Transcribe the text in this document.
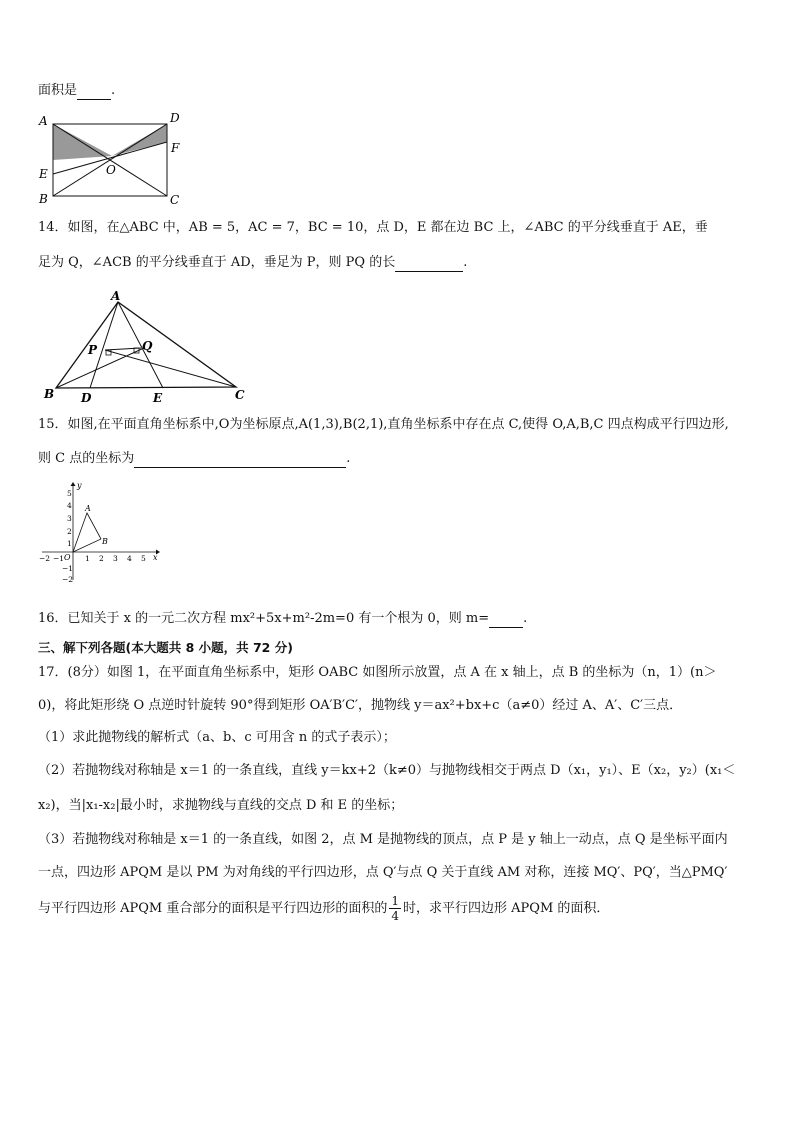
面积是	.
A	D
F
E	O
B	C
14．如图，在△ABC 中，AB = 5，AC = 7，BC = 10，点 D，E 都在边 BC 上，∠ABC 的平分线垂直于 AE，垂
足为 Q，∠ACB 的平分线垂直于 AD，垂足为 P，则 PQ 的长	.
A
P	Q
B D	E	C
15．如图,在平面直角坐标系中,O为坐标原点,A(1,3),B(2,1),直角坐标系中存在点 C,使得 O,A,B,C 四点构成平行四边形,
则 C 点的坐标为	.
y
x
O
−2 −1	1 2 3 4 5
5
4
3
2
1
−1
−2
A
B
16．已知关于 x 的一元二次方程 mx²+5x+m²-2m=0 有一个根为 0，则 m=	.
三、解下列各题(本大题共 8 小题，共 72 分)
17．(8分）如图 1，在平面直角坐标系中，矩形 OABC 如图所示放置，点 A 在 x 轴上，点 B 的坐标为（n，1）(n＞
0)，将此矩形绕 O 点逆时针旋转 90°得到矩形 OA′B′C′，抛物线 y＝ax²+bx+c（a≠0）经过 A、A′、C′三点．
（1）求此抛物线的解析式（a、b、c 可用含 n 的式子表示）；
（2）若抛物线对称轴是 x＝1 的一条直线，直线 y＝kx+2（k≠0）与抛物线相交于两点 D（x₁，y₁）、E（x₂，y₂）(x₁＜
x₂)，当|x₁-x₂|最小时，求抛物线与直线的交点 D 和 E 的坐标；
（3）若抛物线对称轴是 x＝1 的一条直线，如图 2，点 M 是抛物线的顶点，点 P 是 y 轴上一动点，点 Q 是坐标平面内
一点，四边形 APQM 是以 PM 为对角线的平行四边形，点 Q′与点 Q 关于直线 AM 对称，连接 MQ′、PQ′，当△PMQ′
与平行四边形 APQM 重合部分的面积是平行四边形的面积的 $\frac{1}{4}$ 时，求平行四边形 APQM 的面积．
